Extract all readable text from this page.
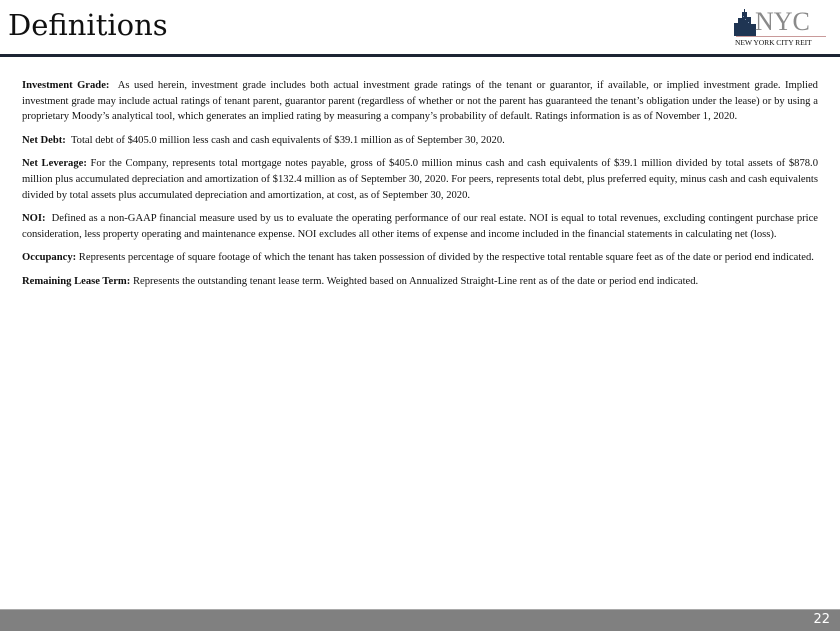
Definitions	NYC
NEW YORK CITY REIT

Investment Grade:  As used herein, investment grade includes both actual investment grade ratings of the tenant or guarantor, if available, or implied investment grade. Implied investment grade may include actual ratings of tenant parent, guarantor parent (regardless of whether or not the parent has guaranteed the tenant’s obligation under the lease) or by using a proprietary Moody’s analytical tool, which generates an implied rating by measuring a company’s probability of default. Ratings information is as of November 1, 2020.

Net Debt:  Total debt of $405.0 million less cash and cash equivalents of $39.1 million as of September 30, 2020.

Net Leverage: For the Company, represents total mortgage notes payable, gross of $405.0 million minus cash and cash equivalents of $39.1 million divided by total assets of $878.0 million plus accumulated depreciation and amortization of $132.4 million as of September 30, 2020. For peers, represents total debt, plus preferred equity, minus cash and cash equivalents divided by total assets plus accumulated depreciation and amortization, at cost, as of September 30, 2020.

NOI:  Defined as a non-GAAP financial measure used by us to evaluate the operating performance of our real estate. NOI is equal to total revenues, excluding contingent purchase price consideration, less property operating and maintenance expense. NOI excludes all other items of expense and income included in the financial statements in calculating net (loss).

Occupancy: Represents percentage of square footage of which the tenant has taken possession of divided by the respective total rentable square feet as of the date or period end indicated.

Remaining Lease Term: Represents the outstanding tenant lease term. Weighted based on Annualized Straight-Line rent as of the date or period end indicated.

22
